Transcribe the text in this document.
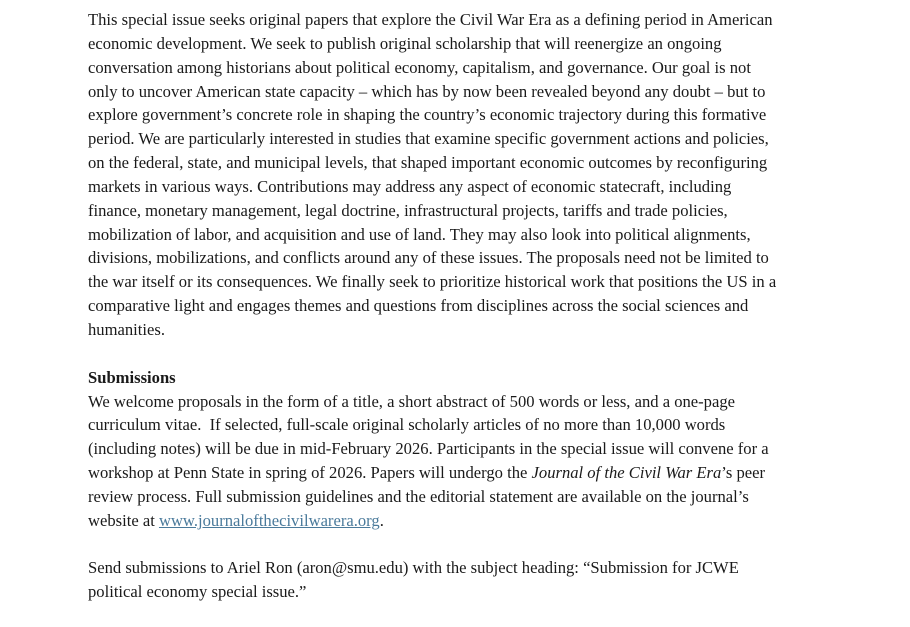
This special issue seeks original papers that explore the Civil War Era as a defining period in American
economic development. We seek to publish original scholarship that will reenergize an ongoing
conversation among historians about political economy, capitalism, and governance. Our goal is not
only to uncover American state capacity – which has by now been revealed beyond any doubt – but to
explore government’s concrete role in shaping the country’s economic trajectory during this formative
period. We are particularly interested in studies that examine specific government actions and policies,
on the federal, state, and municipal levels, that shaped important economic outcomes by reconfiguring
markets in various ways. Contributions may address any aspect of economic statecraft, including
finance, monetary management, legal doctrine, infrastructural projects, tariffs and trade policies,
mobilization of labor, and acquisition and use of land. They may also look into political alignments,
divisions, mobilizations, and conflicts around any of these issues. The proposals need not be limited to
the war itself or its consequences. We finally seek to prioritize historical work that positions the US in a
comparative light and engages themes and questions from disciplines across the social sciences and
humanities.
Submissions
We welcome proposals in the form of a title, a short abstract of 500 words or less, and a one-page
curriculum vitae.  If selected, full-scale original scholarly articles of no more than 10,000 words
(including notes) will be due in mid-February 2026. Participants in the special issue will convene for a
workshop at Penn State in spring of 2026. Papers will undergo the Journal of the Civil War Era’s peer
review process. Full submission guidelines and the editorial statement are available on the journal’s
website at www.journalofthecivilwarera.org.
Send submissions to Ariel Ron (aron@smu.edu) with the subject heading: “Submission for JCWE
political economy special issue.”
